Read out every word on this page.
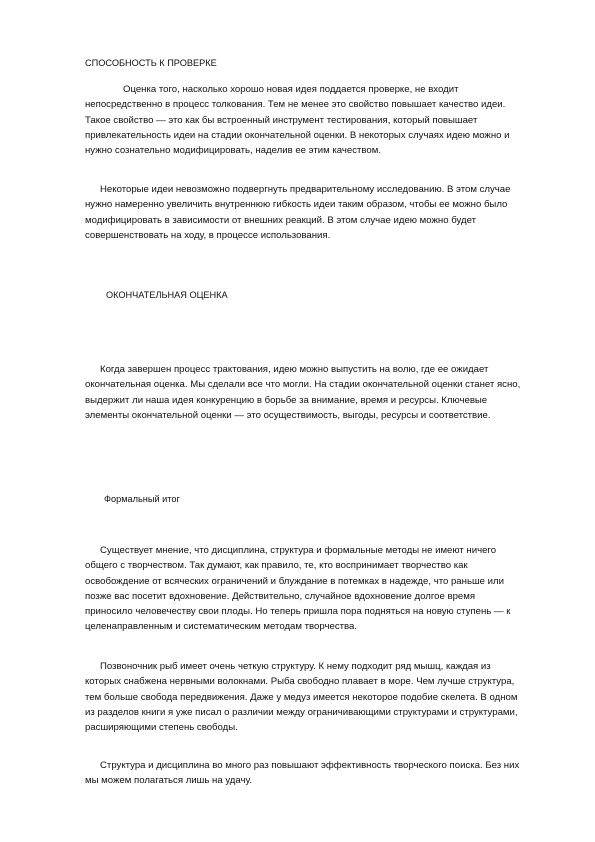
СПОСОБНОСТЬ К ПРОВЕРКЕ

Оценка того, насколько хорошо новая идея поддается проверке, не входит непосредственно в процесс толкования. Тем не менее это свойство повышает качество идеи. Такое свойство — это как бы встроенный инструмент тестирования, который повышает привлекательность идеи на стадии окончательной оценки. В некоторых случаях идею можно и нужно сознательно модифицировать, наделив ее этим качеством.

Некоторые идеи невозможно подвергнуть предварительному исследованию. В этом случае нужно намеренно увеличить внутреннюю гибкость идеи таким образом, чтобы ее можно было модифицировать в зависимости от внешних реакций. В этом случае идею можно будет совершенствовать на ходу, в процессе использования.

ОКОНЧАТЕЛЬНАЯ ОЦЕНКА

Когда завершен процесс трактования, идею можно выпустить на волю, где ее ожидает окончательная оценка. Мы сделали все что могли. На стадии окончательной оценки станет ясно, выдержит ли наша идея конкуренцию в борьбе за внимание, время и ресурсы. Ключевые элементы окончательной оценки — это осуществимость, выгоды, ресурсы и соответствие.

Формальный итог

Существует мнение, что дисциплина, структура и формальные методы не имеют ничего общего с творчеством. Так думают, как правило, те, кто воспринимает творчество как освобождение от всяческих ограничений и блуждание в потемках в надежде, что раньше или позже вас посетит вдохновение. Действительно, случайное вдохновение долгое время приносило человечеству свои плоды. Но теперь пришла пора подняться на новую ступень — к целенаправленным и систематическим методам творчества.

Позвоночник рыб имеет очень четкую структуру. К нему подходит ряд мышц, каждая из которых снабжена нервными волокнами. Рыба свободно плавает в море. Чем лучше структура, тем больше свобода передвижения. Даже у медуз имеется некоторое подобие скелета. В одном из разделов книги я уже писал о различии между ограничивающими структурами и структурами, расширяющими степень свободы.

Структура и дисциплина во много раз повышают эффективность творческого поиска. Без них мы можем полагаться лишь на удачу.
